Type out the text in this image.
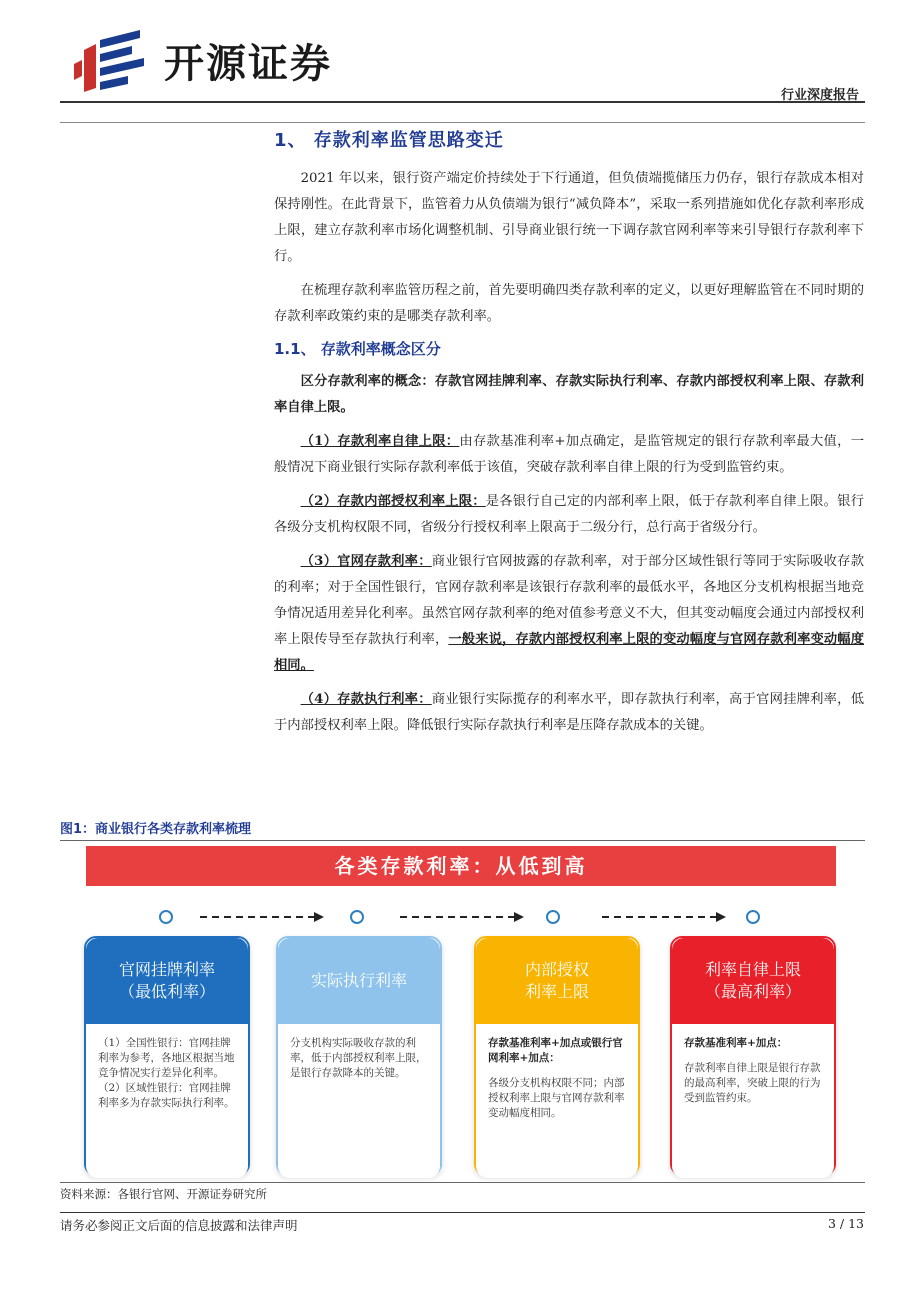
开源证券
行业深度报告
1、 存款利率监管思路变迁

2021 年以来，银行资产端定价持续处于下行通道，但负债端揽储压力仍存，银行存款成本相对保持刚性。在此背景下，监管着力从负债端为银行“减负降本”，采取一系列措施如优化存款利率形成上限，建立存款利率市场化调整机制、引导商业银行统一下调存款官网利率等来引导银行存款利率下行。

在梳理存款利率监管历程之前，首先要明确四类存款利率的定义，以更好理解监管在不同时期的存款利率政策约束的是哪类存款利率。

1.1、 存款利率概念区分

区分存款利率的概念：存款官网挂牌利率、存款实际执行利率、存款内部授权利率上限、存款利率自律上限。

（1）存款利率自律上限：由存款基准利率+加点确定，是监管规定的银行存款利率最大值，一般情况下商业银行实际存款利率低于该值，突破存款利率自律上限的行为受到监管约束。

（2）存款内部授权利率上限：是各银行自己定的内部利率上限，低于存款利率自律上限。银行各级分支机构权限不同，省级分行授权利率上限高于二级分行，总行高于省级分行。

（3）官网存款利率：商业银行官网披露的存款利率，对于部分区域性银行等同于实际吸收存款的利率；对于全国性银行，官网存款利率是该银行存款利率的最低水平，各地区分支机构根据当地竞争情况适用差异化利率。虽然官网存款利率的绝对值参考意义不大，但其变动幅度会通过内部授权利率上限传导至存款执行利率，一般来说，存款内部授权利率上限的变动幅度与官网存款利率变动幅度相同。

（4）存款执行利率：商业银行实际揽存的利率水平，即存款执行利率，高于官网挂牌利率，低于内部授权利率上限。降低银行实际存款执行利率是压降存款成本的关键。

图1：商业银行各类存款利率梳理
各类存款利率：从低到高
官网挂牌利率
（最低利率）
（1）全国性银行：官网挂牌利率为参考，各地区根据当地竞争情况实行差异化利率。
（2）区域性银行：官网挂牌利率多为存款实际执行利率。
实际执行利率
分支机构实际吸收存款的利率，低于内部授权利率上限，是银行存款降本的关键。
内部授权
利率上限
存款基准利率+加点或银行官网利率+加点：
各级分支机构权限不同；内部授权利率上限与官网存款利率变动幅度相同。
利率自律上限
（最高利率）
存款基准利率+加点：
存款利率自律上限是银行存款的最高利率，突破上限的行为受到监管约束。
资料来源：各银行官网、开源证券研究所
请务必参阅正文后面的信息披露和法律声明	3 / 13
